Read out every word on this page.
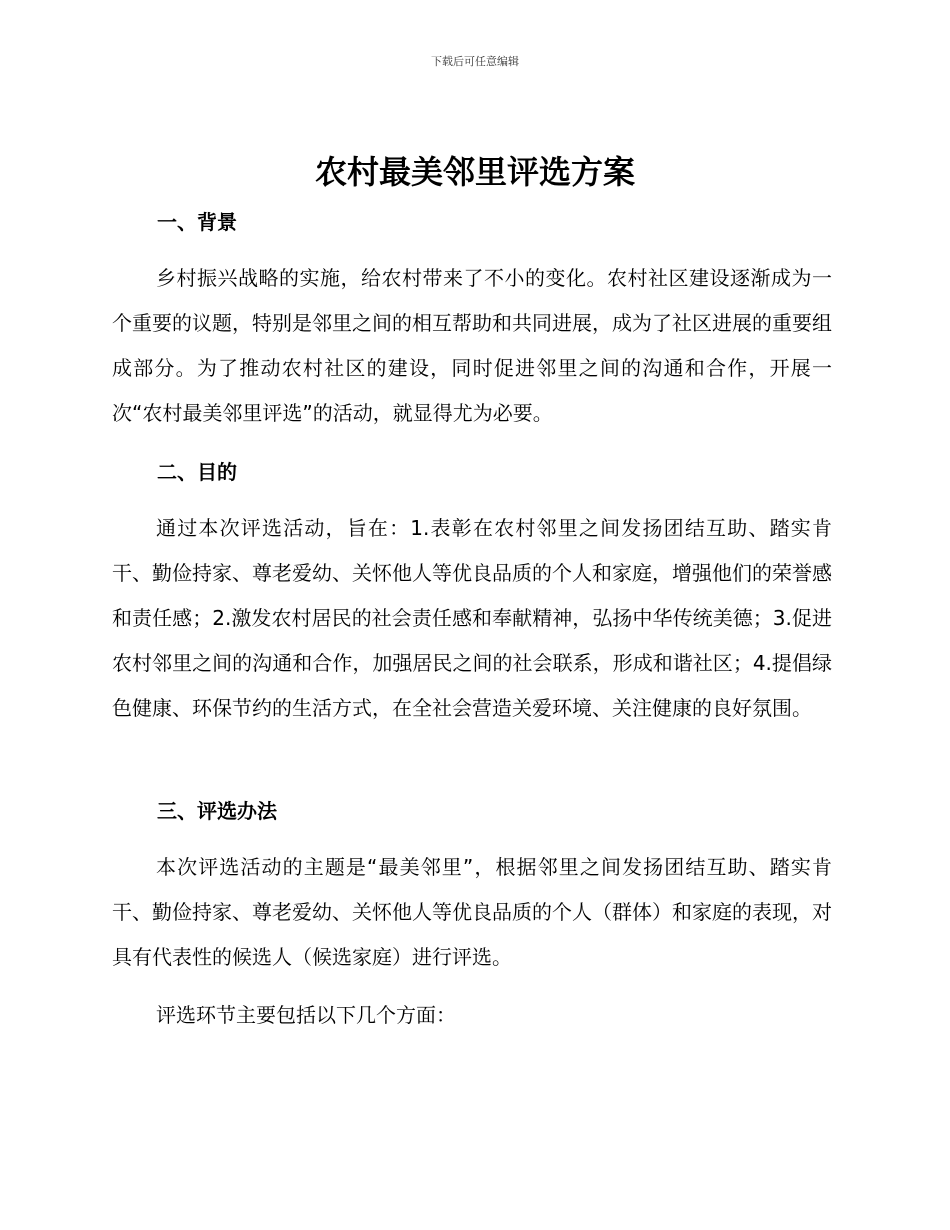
下载后可任意编辑
农村最美邻里评选方案
一、背景
乡村振兴战略的实施，给农村带来了不小的变化。农村社区建设逐渐成为一个重要的议题，特别是邻里之间的相互帮助和共同进展，成为了社区进展的重要组成部分。为了推动农村社区的建设，同时促进邻里之间的沟通和合作，开展一次“农村最美邻里评选”的活动，就显得尤为必要。
二、目的
通过本次评选活动，旨在：1.表彰在农村邻里之间发扬团结互助、踏实肯干、勤俭持家、尊老爱幼、关怀他人等优良品质的个人和家庭，增强他们的荣誉感和责任感；2.激发农村居民的社会责任感和奉献精神，弘扬中华传统美德；3.促进农村邻里之间的沟通和合作，加强居民之间的社会联系，形成和谐社区；4.提倡绿色健康、环保节约的生活方式，在全社会营造关爱环境、关注健康的良好氛围。
三、评选办法
本次评选活动的主题是“最美邻里”，根据邻里之间发扬团结互助、踏实肯干、勤俭持家、尊老爱幼、关怀他人等优良品质的个人（群体）和家庭的表现，对具有代表性的候选人（候选家庭）进行评选。
评选环节主要包括以下几个方面：
